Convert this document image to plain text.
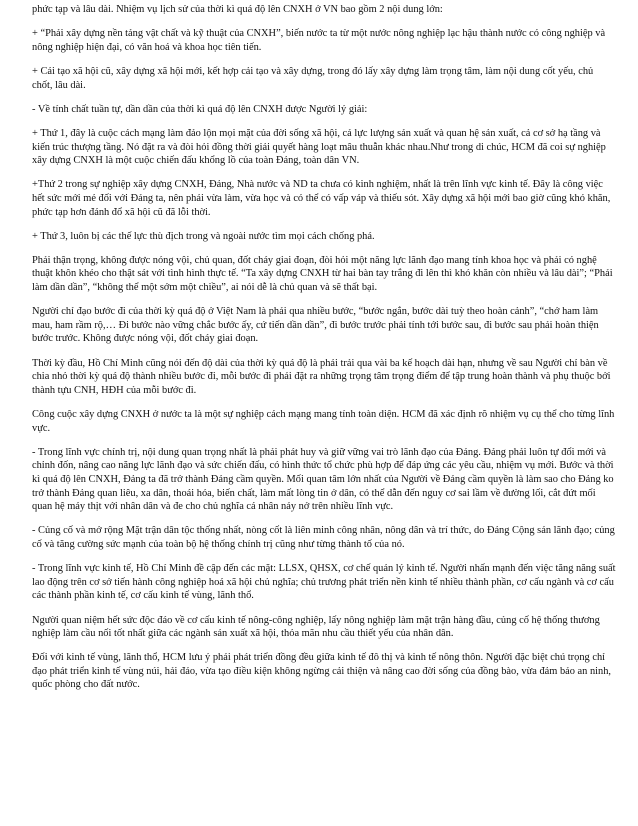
phức tạp và lâu dài. Nhiệm vụ lịch sử của thời kì quá độ lên CNXH ở VN bao gồm 2 nội dung lớn:

+ “Phải xây dựng nền tảng vật chất và kỹ thuật của CNXH”, biến nước ta từ một nước nông nghiệp lạc hậu thành nước có công nghiệp và nông nghiệp hiện đại, có văn hoá và khoa học tiên tiến.

+ Cải tạo xã hội cũ, xây dựng xã hội mới, kết hợp cải tạo và xây dựng, trong đó lấy xây dựng làm trọng tâm, làm nội dung cốt yếu, chủ chốt, lâu dài.

- Về tính chất tuần tự, dần dần của thời kì quá độ lên CNXH được Người lý giải:

+ Thứ 1, đây là cuộc cách mạng làm đảo lộn mọi mặt của đời sống xã hội, cả lực lượng sản xuất và quan hệ sản xuất, cả cơ sở hạ tầng và kiến trúc thượng tầng. Nó đặt ra và đòi hỏi đồng thời giải quyết hàng loạt mâu thuẫn khác nhau.Như trong di chúc, HCM đã coi sự nghiệp xây dựng CNXH là một cuộc chiến đấu khổng lồ của toàn Đảng, toàn dân VN.

+Thứ 2 trong sự nghiệp xây dựng CNXH, Đảng, Nhà nước và ND ta chưa có kinh nghiệm, nhất là trên lĩnh vực kinh tế. Đây là công việc hết sức mới mẻ đối với Đảng ta, nên phải vừa làm, vừa học và có thể có vấp váp và thiếu sót. Xây dựng xã hội mới bao giờ cũng khó khăn, phức tạp hơn đánh đổ xã hội cũ đã lỗi thời.

+ Thứ 3, luôn bị các thế lực thù địch trong và ngoài nước tìm mọi cách chống phá.

Phải thận trọng, không được nóng vội, chủ quan, đốt cháy giai đoạn, đòi hỏi một năng lực lãnh đạo mang tính khoa học và phải có nghệ thuật khôn khéo cho thật sát với tình hình thực tế. “Ta xây dựng CNXH từ hai bàn tay trắng đi lên thì khó khăn còn nhiều và lâu dài”; “Phải làm dần dần”, “không thể một sớm một chiều”, ai nói dễ là chủ quan và sẽ thất bại.

Người chỉ đạo bước đi của thời kỳ quá độ ở Việt Nam là phải qua nhiều bước, “bước ngắn, bước dài tuỳ theo hoàn cảnh”, “chớ ham làm mau, ham rầm rộ,… Đi bước nào vững chắc bước ấy, cứ tiến dần dần”, đi bước trước phải tính tới bước sau, đi bước sau phải hoàn thiện bước trước. Không được nóng vội, đốt cháy giai đoạn.

Thời kỳ đầu, Hồ Chí Minh cũng nói đến độ dài của thời kỳ quá độ là phải trải qua vài ba kế hoạch dài hạn, nhưng về sau Người chỉ bàn về chia nhỏ thời kỳ quá độ thành nhiều bước đi, mỗi bước đi phải đặt ra những trọng tâm trọng điểm để tập trung hoàn thành và phụ thuộc bởi thành tựu CNH, HĐH của mỗi bước đi.

Công cuộc xây dựng CNXH ở nước ta là một sự nghiệp cách mạng mang tính toàn diện. HCM đã xác định rõ nhiệm vụ cụ thể cho từng lĩnh vực.

- Trong lĩnh vực chính trị, nội dung quan trọng nhất là phải phát huy và giữ vững vai trò lãnh đạo của Đảng. Đảng phải luôn tự đổi mới và chỉnh đốn, nâng cao năng lực lãnh đạo và sức chiến đấu, có hình thức tổ chức phù hợp để đáp ứng các yêu cầu, nhiệm vụ mới. Bước và thời kì quá độ lên CNXH, Đảng ta đã trở thành Đảng cầm quyền. Mối quan tâm lớn nhất của Người về Đảng cầm quyền là làm sao cho Đảng ko trở thành Đảng quan liêu, xa dân, thoái hóa, biến chất, làm mất lòng tin ở dân, có thể dẫn đến nguy cơ sai lầm về đường lối, cắt đứt mối quan hệ máy thịt với nhân dân và đe cho chủ nghĩa cá nhân nảy nở trên nhiều lĩnh vực.

- Củng cố và mở rộng Mặt trận dân tộc thống nhất, nòng cốt là liên minh công nhân, nông dân và trí thức, do Đảng Cộng sản lãnh đạo; củng cố và tăng cường sức mạnh của toàn bộ hệ thống chính trị cũng như từng thành tố của nó.

- Trong lĩnh vực kinh tế, Hồ Chí Minh đề cập đến các mặt: LLSX, QHSX, cơ chế quản lý kinh tế. Người nhấn mạnh đến việc tăng năng suất lao động trên cơ sở tiến hành công nghiệp hoá xã hội chủ nghĩa; chủ trương phát triển nền kinh tế nhiều thành phần, cơ cấu ngành và cơ cấu các thành phần kinh tế, cơ cấu kinh tế vùng, lãnh thổ.

Người quan niệm hết sức độc đáo về cơ cấu kinh tế nông-công nghiệp, lấy nông nghiệp làm mặt trận hàng đầu, củng cố hệ thống thương nghiệp làm cầu nối tốt nhất giữa các ngành sản xuất xã hội, thỏa mãn nhu cầu thiết yếu của nhân dân.

Đối với kinh tế vùng, lãnh thổ, HCM lưu ý phải phát triển đồng đều giữa kinh tế đô thị và kinh tế nông thôn. Người đặc biệt chú trọng chỉ đạo phát triển kinh tế vùng núi, hải đảo, vừa tạo điều kiện không ngừng cải thiện và nâng cao đời sống của đồng bào, vừa đảm bảo an ninh, quốc phòng cho đất nước.
